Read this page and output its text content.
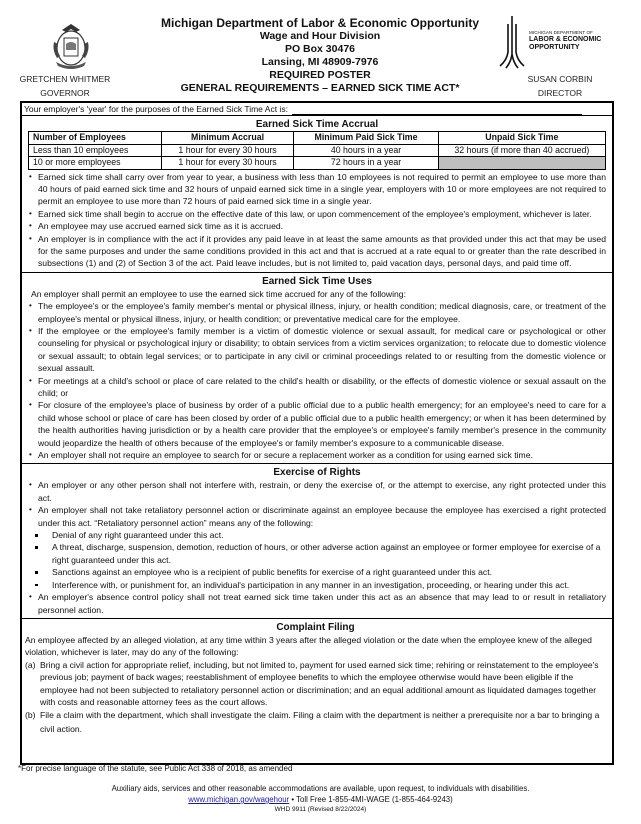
GRETCHEN WHITMER
GOVERNOR
Michigan Department of Labor & Economic Opportunity
Wage and Hour Division
PO Box 30476
Lansing, MI 48909-7976
REQUIRED POSTER
GENERAL REQUIREMENTS – EARNED SICK TIME ACT*
MICHIGAN DEPARTMENT OF
LABOR & ECONOMIC
OPPORTUNITY
SUSAN CORBIN
DIRECTOR
Your employer's 'year' for the purposes of the Earned Sick Time Act is:
Earned Sick Time Accrual
Number of Employees	Minimum Accrual	Minimum Paid Sick Time	Unpaid Sick Time
Less than 10 employees	1 hour for every 30 hours	40 hours in a year	32 hours (if more than 40 accrued)
10 or more employees	1 hour for every 30 hours	72 hours in a year	
• Earned sick time shall carry over from year to year, a business with less than 10 employees is not required to permit an employee to use more than 40 hours of paid earned sick time and 32 hours of unpaid earned sick time in a single year, employers with 10 or more employees are not required to permit an employee to use more than 72 hours of paid earned sick time in a single year.
• Earned sick time shall begin to accrue on the effective date of this law, or upon commencement of the employee's employment, whichever is later.
• An employee may use accrued earned sick time as it is accrued.
• An employer is in compliance with the act if it provides any paid leave in at least the same amounts as that provided under this act that may be used for the same purposes and under the same conditions provided in this act and that is accrued at a rate equal to or greater than the rate described in subsections (1) and (2) of Section 3 of the act. Paid leave includes, but is not limited to, paid vacation days, personal days, and paid time off.
Earned Sick Time Uses
An employer shall permit an employee to use the earned sick time accrued for any of the following:
• The employee's or the employee's family member's mental or physical illness, injury, or health condition; medical diagnosis, care, or treatment of the employee's mental or physical illness, injury, or health condition; or preventative medical care for the employee.
• If the employee or the employee's family member is a victim of domestic violence or sexual assault, for medical care or psychological or other counseling for physical or psychological injury or disability; to obtain services from a victim services organization; to relocate due to domestic violence or sexual assault; to obtain legal services; or to participate in any civil or criminal proceedings related to or resulting from the domestic violence or sexual assault.
• For meetings at a child's school or place of care related to the child's health or disability, or the effects of domestic violence or sexual assault on the child; or
• For closure of the employee's place of business by order of a public official due to a public health emergency; for an employee's need to care for a child whose school or place of care has been closed by order of a public official due to a public health emergency; or when it has been determined by the health authorities having jurisdiction or by a health care provider that the employee's or employee's family member's presence in the community would jeopardize the health of others because of the employee's or family member's exposure to a communicable disease.
• An employer shall not require an employee to search for or secure a replacement worker as a condition for using earned sick time.
Exercise of Rights
• An employer or any other person shall not interfere with, restrain, or deny the exercise of, or the attempt to exercise, any right protected under this act.
• An employer shall not take retaliatory personnel action or discriminate against an employee because the employee has exercised a right protected under this act. “Retaliatory personnel action” means any of the following:
Denial of any right guaranteed under this act.
A threat, discharge, suspension, demotion, reduction of hours, or other adverse action against an employee or former employee for exercise of a right guaranteed under this act.
Sanctions against an employee who is a recipient of public benefits for exercise of a right guaranteed under this act.
Interference with, or punishment for, an individual's participation in any manner in an investigation, proceeding, or hearing under this act.
• An employer's absence control policy shall not treat earned sick time taken under this act as an absence that may lead to or result in retaliatory personnel action.
Complaint Filing
An employee affected by an alleged violation, at any time within 3 years after the alleged violation or the date when the employee knew of the alleged violation, whichever is later, may do any of the following:
(a) Bring a civil action for appropriate relief, including, but not limited to, payment for used earned sick time; rehiring or reinstatement to the employee's previous job; payment of back wages; reestablishment of employee benefits to which the employee otherwise would have been eligible if the employee had not been subjected to retaliatory personnel action or discrimination; and an equal additional amount as liquidated damages together with costs and reasonable attorney fees as the court allows.
(b) File a claim with the department, which shall investigate the claim. Filing a claim with the department is neither a prerequisite nor a bar to bringing a civil action.
*For precise language of the statute, see Public Act 338 of 2018, as amended
Auxiliary aids, services and other reasonable accommodations are available, upon request, to individuals with disabilities.
www.michigan.gov/wagehour • Toll Free 1-855-4MI-WAGE (1-855-464-9243)
WHD 9911 (Revised 8/22/2024)
